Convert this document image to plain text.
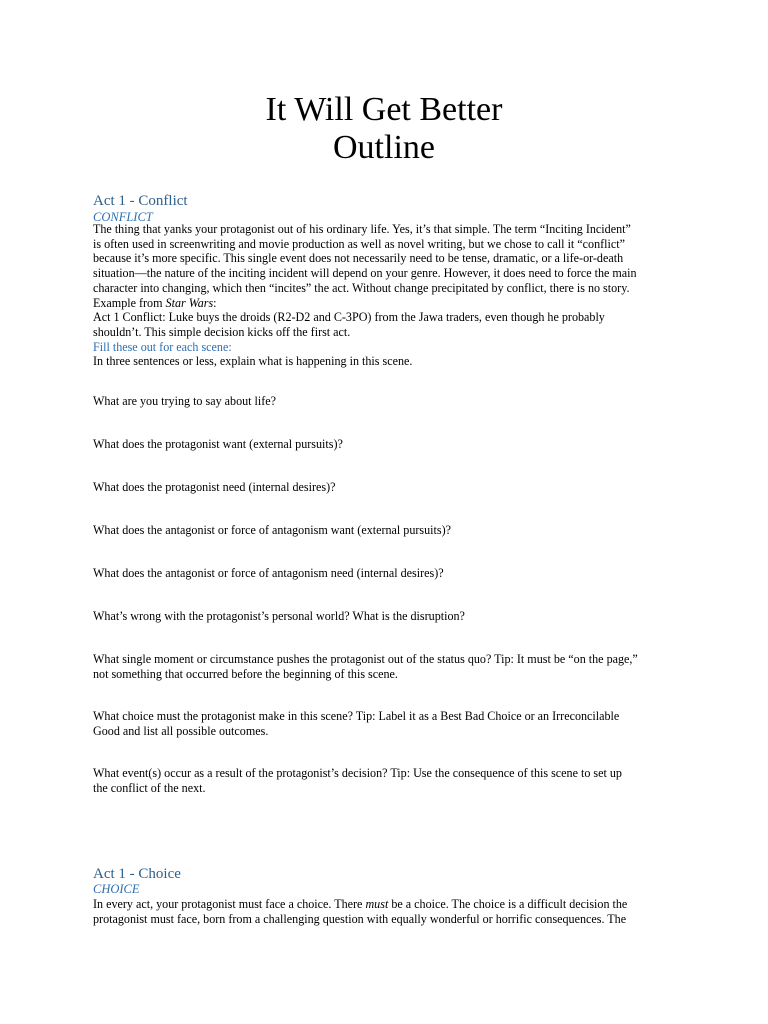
It Will Get Better
Outline
Act 1 - Conflict
CONFLICT
The thing that yanks your protagonist out of his ordinary life. Yes, it’s that simple. The term “Inciting Incident”
is often used in screenwriting and movie production as well as novel writing, but we chose to call it “conflict”
because it’s more specific. This single event does not necessarily need to be tense, dramatic, or a life-or-death
situation—the nature of the inciting incident will depend on your genre. However, it does need to force the main
character into changing, which then “incites” the act. Without change precipitated by conflict, there is no story.
Example from Star Wars:
Act 1 Conflict: Luke buys the droids (R2-D2 and C-3PO) from the Jawa traders, even though he probably
shouldn’t. This simple decision kicks off the first act.
Fill these out for each scene:
In three sentences or less, explain what is happening in this scene.
What are you trying to say about life?
What does the protagonist want (external pursuits)?
What does the protagonist need (internal desires)?
What does the antagonist or force of antagonism want (external pursuits)?
What does the antagonist or force of antagonism need (internal desires)?
What’s wrong with the protagonist’s personal world? What is the disruption?
What single moment or circumstance pushes the protagonist out of the status quo? Tip: It must be “on the page,”
not something that occurred before the beginning of this scene.
What choice must the protagonist make in this scene? Tip: Label it as a Best Bad Choice or an Irreconcilable
Good and list all possible outcomes.
What event(s) occur as a result of the protagonist’s decision? Tip: Use the consequence of this scene to set up
the conflict of the next.
Act 1 - Choice
CHOICE
In every act, your protagonist must face a choice. There must be a choice. The choice is a difficult decision the
protagonist must face, born from a challenging question with equally wonderful or horrific consequences. The
